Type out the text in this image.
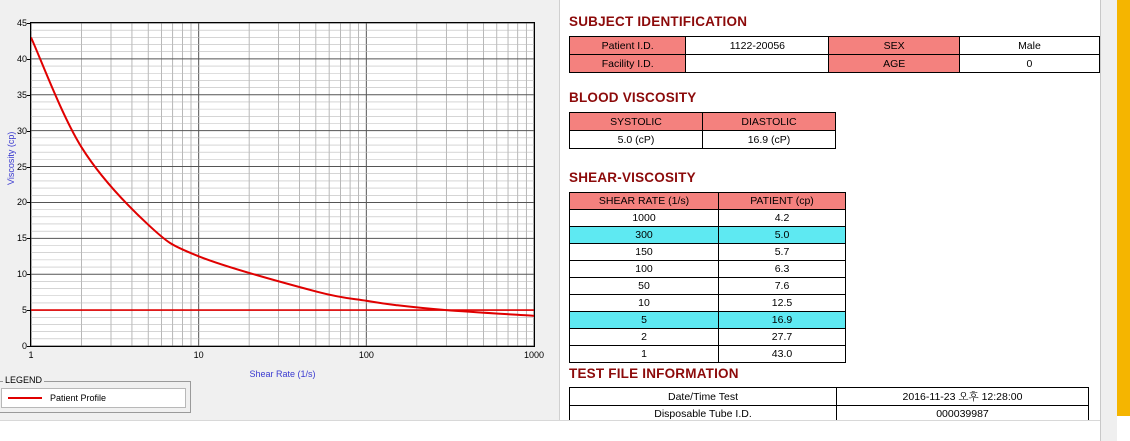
0
5
10
15
20
25
30
35
40
45
1	10	100	1000
Viscosity (cp)
Shear Rate (1/s)
LEGEND
Patient Profile
SUBJECT IDENTIFICATION
Patient I.D.	1122-20056	SEX	Male
Facility I.D.		AGE	0
BLOOD VISCOSITY
SYSTOLIC	DIASTOLIC
5.0 (cP)	16.9 (cP)
SHEAR-VISCOSITY
SHEAR RATE (1/s)	PATIENT (cp)
1000	4.2
300	5.0
150	5.7
100	6.3
50	7.6
10	12.5
5	16.9
2	27.7
1	43.0
TEST FILE INFORMATION
Date/Time Test	2016-11-23 오후 12:28:00
Disposable Tube I.D.	000039987
